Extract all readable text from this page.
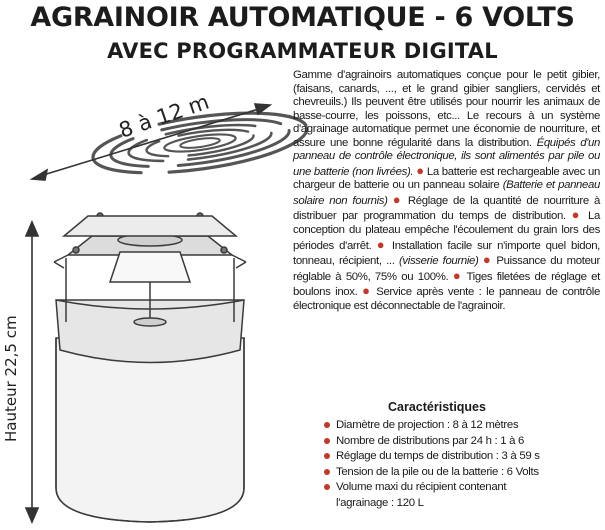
AGRAINOIR AUTOMATIQUE - 6 VOLTS
AVEC PROGRAMMATEUR DIGITAL
8 à 12 m
Hauteur 22,5 cm

Gamme d'agrainoirs automatiques conçue pour le petit gibier, (faisans, canards, ..., et le grand gibier sangliers, cervidés et chevreuils.) Ils peuvent être utilisés pour nourrir les animaux de basse-courre, les poissons, etc... Le recours à un système d'agrainage automatique permet une économie de nourriture, et assure une bonne régularité dans la distribution. Équipés d'un panneau de contrôle électronique, ils sont alimentés par pile ou une batterie (non livrées). ● La batterie est rechargeable avec un chargeur de batterie ou un panneau solaire (Batterie et panneau solaire non fournis) ● Réglage de la quantité de nourriture à distribuer par programmation du temps de distribution. ● La conception du plateau empêche l'écoulement du grain lors des périodes d'arrêt. ● Installation facile sur n'importe quel bidon, tonneau, récipient, ... (visserie fournie) ● Puissance du moteur réglable à 50%, 75% ou 100%. ● Tiges filetées de réglage et boulons inox. ● Service après vente : le panneau de contrôle électronique est déconnectable de l'agrainoir.

Caractéristiques
Diamètre de projection : 8 à 12 mètres
Nombre de distributions par 24 h : 1 à 6
Réglage du temps de distribution : 3 à 59 s
Tension de la pile ou de la batterie : 6 Volts
Volume maxi du récipient contenant
l'agrainage : 120 L
